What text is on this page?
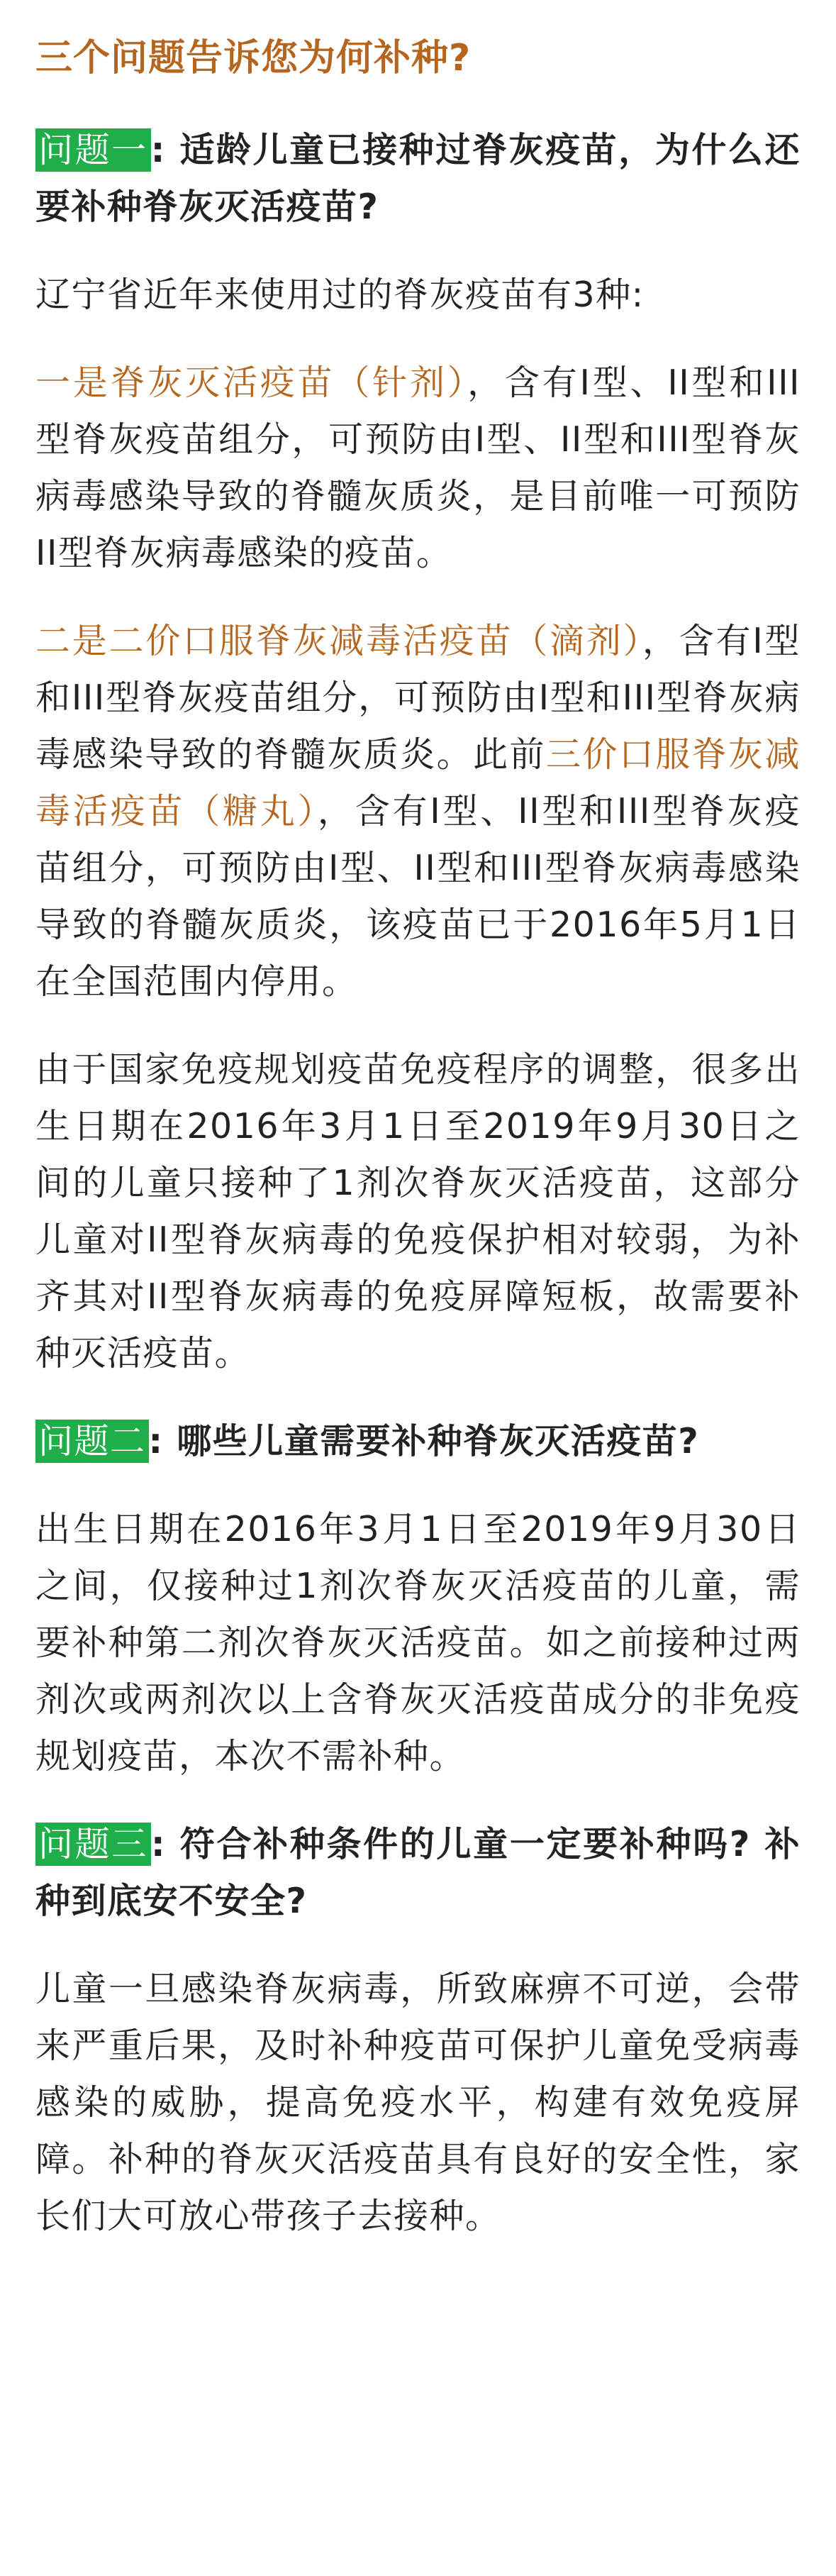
三个问题告诉您为何补种?

问题一: 适龄儿童已接种过脊灰疫苗，为什么还要补种脊灰灭活疫苗?

辽宁省近年来使用过的脊灰疫苗有3种:

一是脊灰灭活疫苗（针剂），含有I型、II型和III型脊灰疫苗组分，可预防由I型、II型和III型脊灰病毒感染导致的脊髓灰质炎，是目前唯一可预防II型脊灰病毒感染的疫苗。

二是二价口服脊灰减毒活疫苗（滴剂），含有I型和III型脊灰疫苗组分，可预防由I型和III型脊灰病毒感染导致的脊髓灰质炎。此前三价口服脊灰减毒活疫苗（糖丸），含有I型、II型和III型脊灰疫苗组分，可预防由I型、II型和III型脊灰病毒感染导致的脊髓灰质炎，该疫苗已于2016年5月1日在全国范围内停用。

由于国家免疫规划疫苗免疫程序的调整，很多出生日期在2016年3月1日至2019年9月30日之间的儿童只接种了1剂次脊灰灭活疫苗，这部分儿童对II型脊灰病毒的免疫保护相对较弱，为补齐其对II型脊灰病毒的免疫屏障短板，故需要补种灭活疫苗。

问题二: 哪些儿童需要补种脊灰灭活疫苗?

出生日期在2016年3月1日至2019年9月30日之间，仅接种过1剂次脊灰灭活疫苗的儿童，需要补种第二剂次脊灰灭活疫苗。如之前接种过两剂次或两剂次以上含脊灰灭活疫苗成分的非免疫规划疫苗，本次不需补种。

问题三: 符合补种条件的儿童一定要补种吗? 补种到底安不安全?

儿童一旦感染脊灰病毒，所致麻痹不可逆，会带来严重后果，及时补种疫苗可保护儿童免受病毒感染的威胁，提高免疫水平，构建有效免疫屏障。补种的脊灰灭活疫苗具有良好的安全性，家长们大可放心带孩子去接种。
